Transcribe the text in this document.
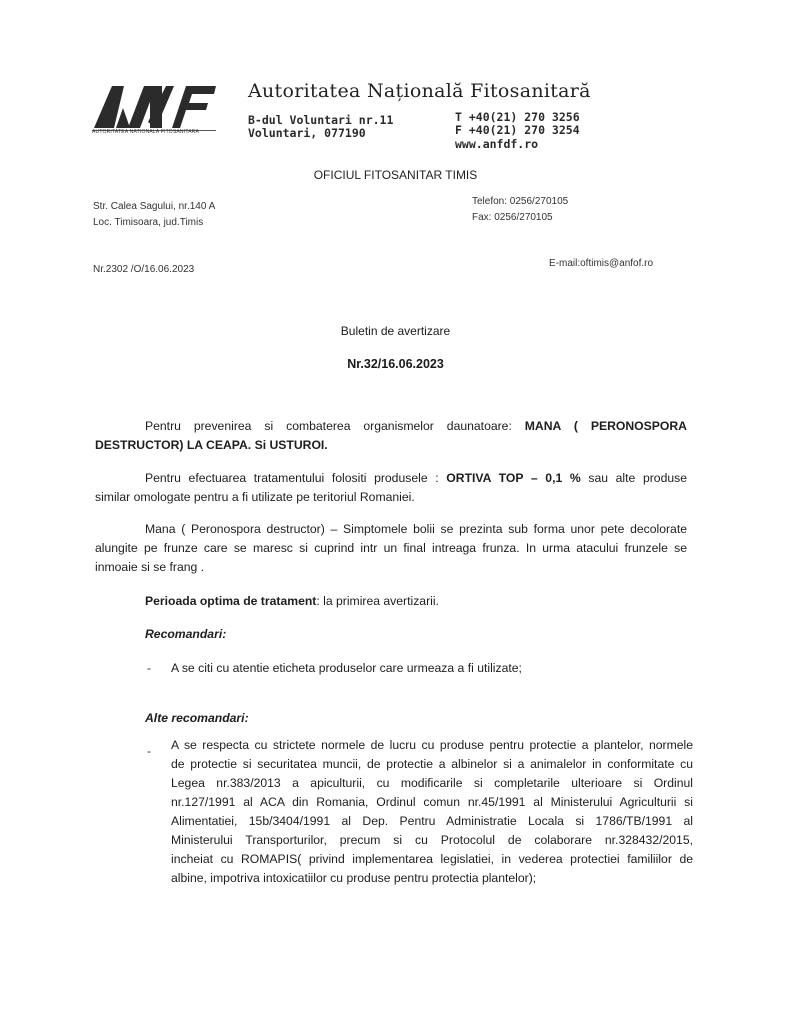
AUTORITATEA NATIONALA FITOSANITARA
Autoritatea Națională Fitosanitară
B-dul Voluntari nr.11
Voluntari, 077190
T +40(21) 270 3256
F +40(21) 270 3254
www.anfdf.ro
OFICIUL FITOSANITAR TIMIS
Str. Calea Sagului, nr.140 A
Loc. Timisoara, jud.Timis
Telefon: 0256/270105
Fax: 0256/270105
Nr.2302 /O/16.06.2023
E-mail:oftimis@anfof.ro
Buletin de avertizare
Nr.32/16.06.2023
Pentru prevenirea si combaterea organismelor daunatoare: MANA ( PERONOSPORA
DESTRUCTOR) LA CEAPA. Si USTUROI.
Pentru efectuarea tratamentului folositi produsele : ORTIVA TOP – 0,1 % sau alte produse
similar omologate pentru a fi utilizate pe teritoriul Romaniei.
Mana ( Peronospora destructor) – Simptomele bolii se prezinta sub forma unor pete decolorate
alungite pe frunze care se maresc si cuprind intr un final intreaga frunza. In urma atacului frunzele se
inmoaie si se frang .
Perioada optima de tratament: la primirea avertizarii.
Recomandari:
- A se citi cu atentie eticheta produselor care urmeaza a fi utilizate;
Alte recomandari:
- A se respecta cu strictete normele de lucru cu produse pentru protectie a plantelor, normele
de protectie si securitatea muncii, de protectie a albinelor si a animalelor in conformitate cu
Legea nr.383/2013 a apiculturii, cu modificarile si completarile ulterioare si Ordinul
nr.127/1991 al ACA din Romania, Ordinul comun nr.45/1991 al Ministerului Agriculturii si
Alimentatiei, 15b/3404/1991 al Dep. Pentru Administratie Locala si 1786/TB/1991 al
Ministerului Transporturilor, precum si cu Protocolul de colaborare nr.328432/2015,
incheiat cu ROMAPIS( privind implementarea legislatiei, in vederea protectiei familiilor de
albine, impotriva intoxicatiilor cu produse pentru protectia plantelor);
